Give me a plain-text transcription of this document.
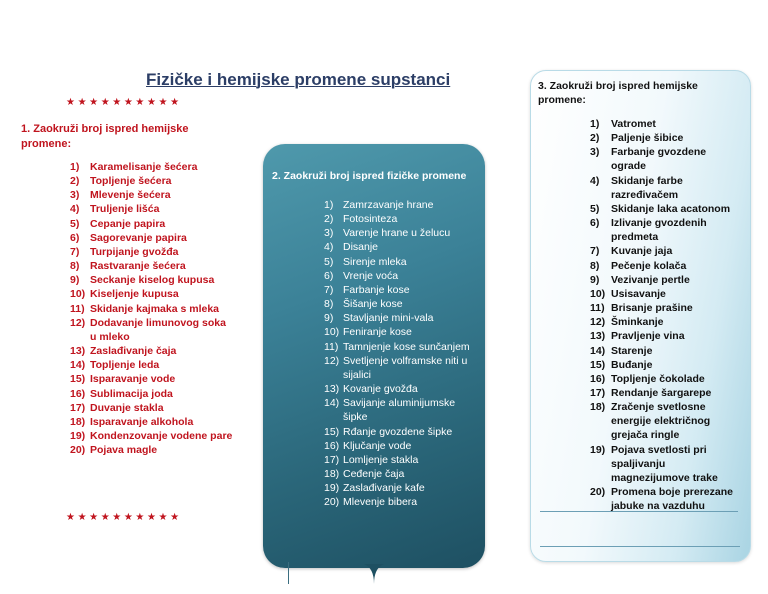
Fizičke i hemijske promene supstanci
★★★★★★★★★★
1. Zaokruži broj ispred hemijske promene:
1) Karamelisanje šećera
2) Topljenje šećera
3) Mlevenje šećera
4) Truljenje lišća
5) Cepanje papira
6) Sagorevanje papira
7) Turpijanje gvožđa
8) Rastvaranje šećera
9) Seckanje kiselog kupusa
10) Kiseljenje kupusa
11) Skidanje kajmaka s mleka
12) Dodavanje limunovog soka u mleko
13) Zaslađivanje čaja
14) Topljenje leda
15) Isparavanje vode
16) Sublimacija joda
17) Duvanje stakla
18) Isparavanje alkohola
19) Kondenzovanje vodene pare
20) Pojava magle
★★★★★★★★★★
2. Zaokruži broj ispred fizičke promene
1) Zamrzavanje hrane
2) Fotosinteza
3) Varenje hrane u želucu
4) Disanje
5) Sirenje mleka
6) Vrenje voća
7) Farbanje kose
8) Šišanje kose
9) Stavljanje mini-vala
10) Feniranje kose
11) Tamnjenje kose sunčanjem
12) Svetljenje volframske niti u sijalici
13) Kovanje gvožđa
14) Savijanje aluminijumske šipke
15) Rđanje gvozdene šipke
16) Ključanje vode
17) Lomljenje stakla
18) Ceđenje čaja
19) Zaslađivanje kafe
20) Mlevenje bibera
3. Zaokruži broj ispred hemijske promene:
1) Vatromet
2) Paljenje šibice
3) Farbanje gvozdene ograde
4) Skidanje farbe razređivačem
5) Skidanje laka acatonom
6) Izlivanje gvozdenih predmeta
7) Kuvanje jaja
8) Pečenje kolača
9) Vezivanje pertle
10) Usisavanje
11) Brisanje prašine
12) Šminkanje
13) Pravljenje vina
14) Starenje
15) Buđanje
16) Topljenje čokolade
17) Rendanje šargarepe
18) Zračenje svetlosne energije električnog grejača ringle
19) Pojava svetlosti pri spaljivanju magnezijumove trake
20) Promena boje prerezane jabuke na vazduhu
